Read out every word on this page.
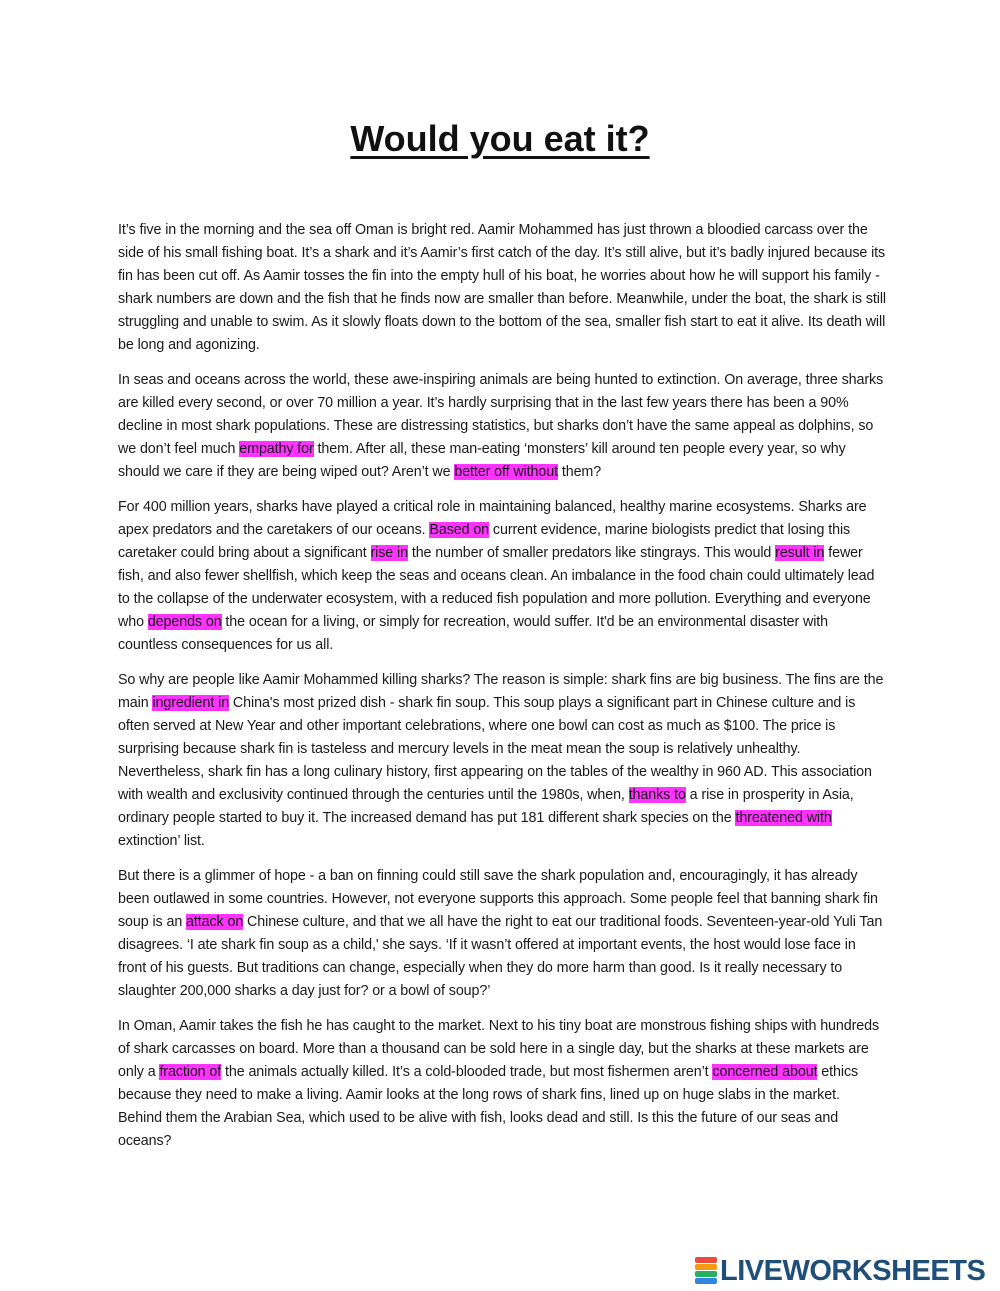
Would you eat it?

It’s five in the morning and the sea off Oman is bright red. Aamir Mohammed has just thrown a bloodied carcass over the side of his small fishing boat. It’s a shark and it’s Aamir’s first catch of the day. It’s still alive, but it’s badly injured because its fin has been cut off. As Aamir tosses the fin into the empty hull of his boat, he worries about how he will support his family - shark numbers are down and the fish that he finds now are smaller than before. Meanwhile, under the boat, the shark is still struggling and unable to swim. As it slowly floats down to the bottom of the sea, smaller fish start to eat it alive. Its death will be long and agonizing.

In seas and oceans across the world, these awe-inspiring animals are being hunted to extinction. On average, three sharks are killed every second, or over 70 million a year. It’s hardly surprising that in the last few years there has been a 90% decline in most shark populations. These are distressing statistics, but sharks don’t have the same appeal as dolphins, so we don’t feel much empathy for them. After all, these man-eating ‘monsters’ kill around ten people every year, so why should we care if they are being wiped out? Aren’t we better off without them?

For 400 million years, sharks have played a critical role in maintaining balanced, healthy marine ecosystems. Sharks are apex predators and the caretakers of our oceans. Based on current evidence, marine biologists predict that losing this caretaker could bring about a significant rise in the number of smaller predators like stingrays. This would result in fewer fish, and also fewer shellfish, which keep the seas and oceans clean. An imbalance in the food chain could ultimately lead to the collapse of the underwater ecosystem, with a reduced fish population and more pollution. Everything and everyone who depends on the ocean for a living, or simply for recreation, would suffer. It'd be an environmental disaster with countless consequences for us all.

So why are people like Aamir Mohammed killing sharks? The reason is simple: shark fins are big business. The fins are the main ingredient in China's most prized dish - shark fin soup. This soup plays a significant part in Chinese culture and is often served at New Year and other important celebrations, where one bowl can cost as much as $100. The price is surprising because shark fin is tasteless and mercury levels in the meat mean the soup is relatively unhealthy. Nevertheless, shark fin has a long culinary history, first appearing on the tables of the wealthy in 960 AD. This association with wealth and exclusivity continued through the centuries until the 1980s, when, thanks to a rise in prosperity in Asia, ordinary people started to buy it. The increased demand has put 181 different shark species on the threatened with extinction’ list.

But there is a glimmer of hope - a ban on finning could still save the shark population and, encouragingly, it has already been outlawed in some countries. However, not everyone supports this approach. Some people feel that banning shark fin soup is an attack on Chinese culture, and that we all have the right to eat our traditional foods. Seventeen-year-old Yuli Tan disagrees. ‘I ate shark fin soup as a child,' she says. ‘If it wasn’t offered at important events, the host would lose face in front of his guests. But traditions can change, especially when they do more harm than good. Is it really necessary to slaughter 200,000 sharks a day just for? or a bowl of soup?’

In Oman, Aamir takes the fish he has caught to the market. Next to his tiny boat are monstrous fishing ships with hundreds of shark carcasses on board. More than a thousand can be sold here in a single day, but the sharks at these markets are only a fraction of the animals actually killed. It’s a cold-blooded trade, but most fishermen aren’t concerned about ethics because they need to make a living. Aamir looks at the long rows of shark fins, lined up on huge slabs in the market. Behind them the Arabian Sea, which used to be alive with fish, looks dead and still. Is this the future of our seas and oceans?

LIVEWORKSHEETS
